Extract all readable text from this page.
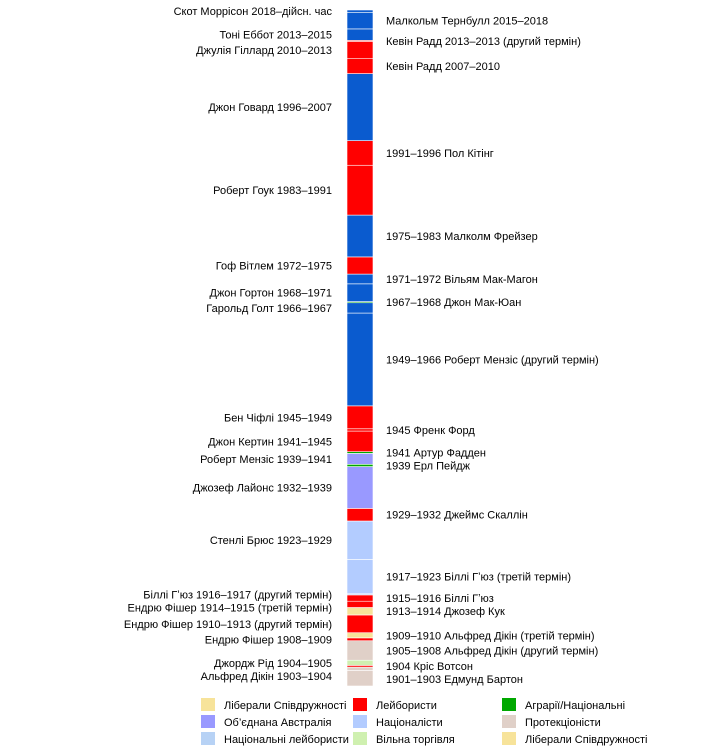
Скот Моррісон 2018–дійсн. час
Тоні Еббот 2013–2015
Джулія Гіллард 2010–2013
Джон Говард 1996–2007
Роберт Гоук 1983–1991
Гоф Вітлем 1972–1975
Джон Гортон 1968–1971
Гарольд Голт 1966–1967
Бен Чіфлі 1945–1949
Джон Кертин 1941–1945
Роберт Мензіс 1939–1941
Джозеф Лайонс 1932–1939
Стенлі Брюс 1923–1929
Біллі Гʼюз 1916–1917 (другий термін)
Ендрю Фішер 1914–1915 (третій термін)
Ендрю Фішер 1910–1913 (другий термін)
Ендрю Фішер 1908–1909
Джордж Рід 1904–1905
Альфред Дікін 1903–1904
Малкольм Тернбулл 2015–2018
Кевін Радд 2013–2013 (другий термін)
Кевін Радд 2007–2010
1991–1996 Пол Кітінг
1975–1983 Малколм Фрейзер
1971–1972 Вільям Мак-Магон
1967–1968 Джон Мак-Юан
1949–1966 Роберт Мензіс (другий термін)
1945 Френк Форд
1941 Артур Фадден
1939 Ерл Пейдж
1929–1932 Джеймс Скаллін
1917–1923 Біллі Гʼюз (третій термін)
1915–1916 Біллі Гʼюз
1913–1914 Джозеф Кук
1909–1910 Альфред Дікін (третій термін)
1905–1908 Альфред Дікін (другий термін)
1904 Кріс Вотсон
1901–1903 Едмунд Бартон
Ліберали Співдружності	Лейбористи	Аграрії/Національні
Об’єднана Австралія	Націоналісти	Протекціоністи
Національні лейбористи Вільна торгівля	Ліберали Співдружності
